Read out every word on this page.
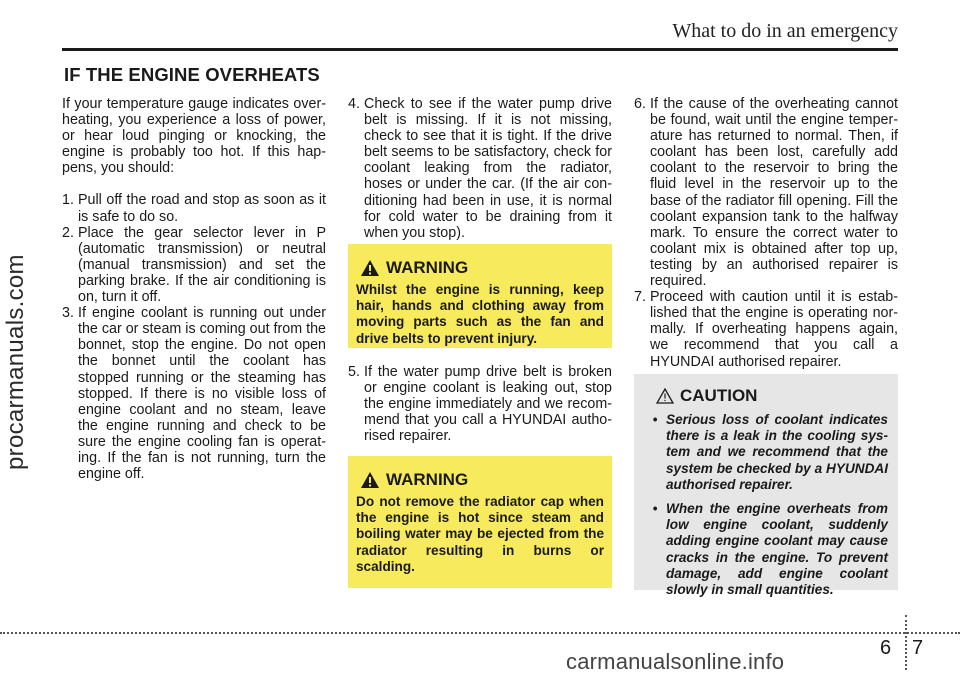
What to do in an emergency
procarmanuals.com
IF THE ENGINE OVERHEATS

If your temperature gauge indicates over-heating, you experience a loss of power, or hear loud pinging or knocking, the engine is probably too hot. If this hap-pens, you should:

1. Pull off the road and stop as soon as it is safe to do so.
2. Place the gear selector lever in P (automatic transmission) or neutral (manual transmission) and set the parking brake. If the air conditioning is on, turn it off.
3. If engine coolant is running out under the car or steam is coming out from the bonnet, stop the engine. Do not open the bonnet until the coolant has stopped running or the steaming has stopped. If there is no visible loss of engine coolant and no steam, leave the engine running and check to be sure the engine cooling fan is operat-ing. If the fan is not running, turn the engine off.
4. Check to see if the water pump drive belt is missing. If it is not missing, check to see that it is tight. If the drive belt seems to be satisfactory, check for coolant leaking from the radiator, hoses or under the car. (If the air con-ditioning had been in use, it is normal for cold water to be draining from it when you stop).
WARNING
Whilst the engine is running, keep hair, hands and clothing away from moving parts such as the fan and drive belts to prevent injury.
5. If the water pump drive belt is broken or engine coolant is leaking out, stop the engine immediately and we recom-mend that you call a HYUNDAI autho-rised repairer.
WARNING
Do not remove the radiator cap when the engine is hot since steam and boiling water may be ejected from the radiator resulting in burns or scalding.
6. If the cause of the overheating cannot be found, wait until the engine temper-ature has returned to normal. Then, if coolant has been lost, carefully add coolant to the reservoir to bring the fluid level in the reservoir up to the base of the radiator fill opening. Fill the coolant expansion tank to the halfway mark. To ensure the correct water to coolant mix is obtained after top up, testing by an authorised repairer is required.
7. Proceed with caution until it is estab-lished that the engine is operating nor-mally. If overheating happens again, we recommend that you call a HYUNDAI authorised repairer.
CAUTION
• Serious loss of coolant indicates there is a leak in the cooling sys-tem and we recommend that the system be checked by a HYUNDAI authorised repairer.
• When the engine overheats from low engine coolant, suddenly adding engine coolant may cause cracks in the engine. To prevent damage, add engine coolant slowly in small quantities.
6 7
carmanualsonline.info
